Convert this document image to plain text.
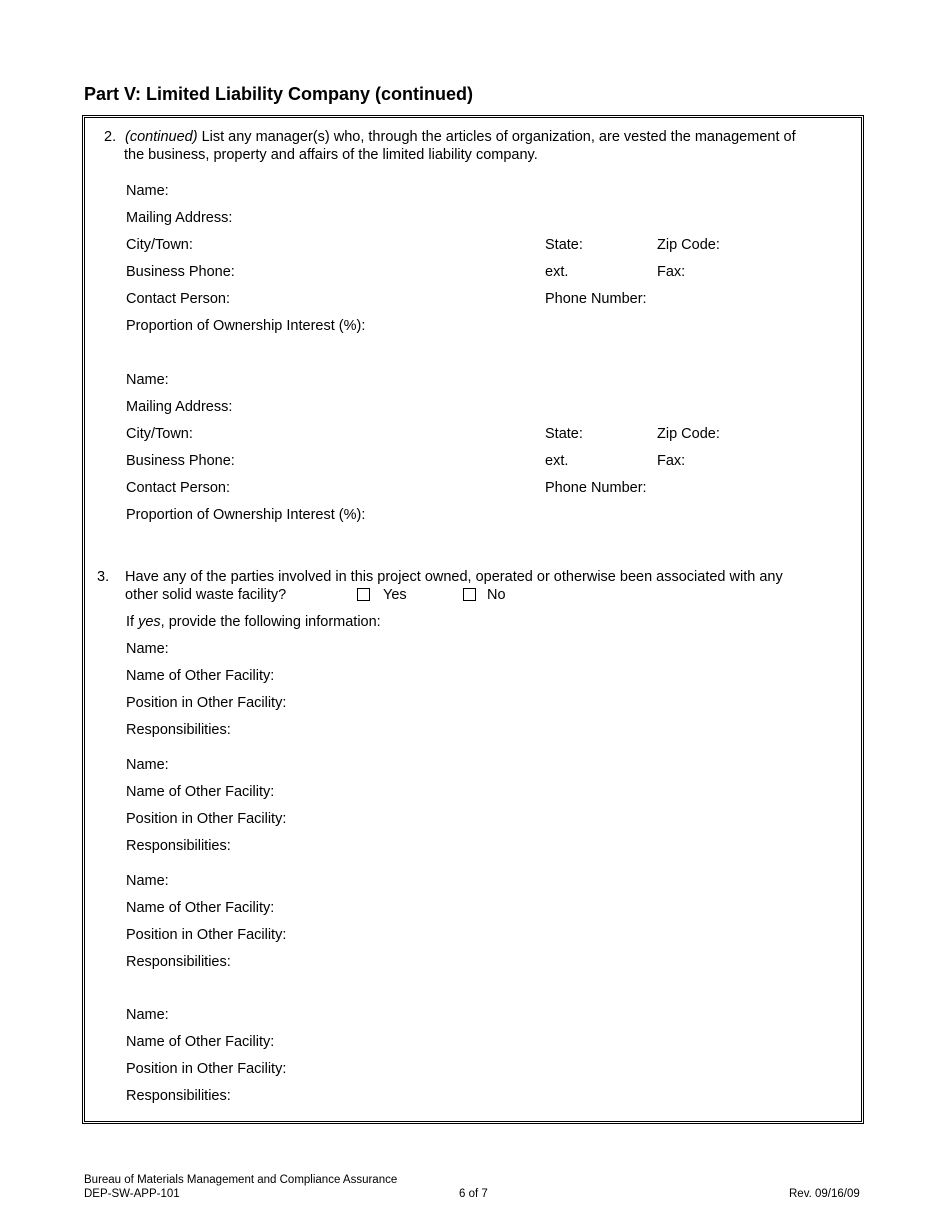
Part V: Limited Liability Company (continued)
2. (continued) List any manager(s) who, through the articles of organization, are vested the management of
the business, property and affairs of the limited liability company.
Name:
Mailing Address:
City/Town:	State:	Zip Code:
Business Phone:	ext.	Fax:
Contact Person:	Phone Number:
Proportion of Ownership Interest (%):
Name:
Mailing Address:
City/Town:	State:	Zip Code:
Business Phone:	ext.	Fax:
Contact Person:	Phone Number:
Proportion of Ownership Interest (%):
3. Have any of the parties involved in this project owned, operated or otherwise been associated with any
other solid waste facility?	Yes	No
If yes, provide the following information:
Name:
Name of Other Facility:
Position in Other Facility:
Responsibilities:
Name:
Name of Other Facility:
Position in Other Facility:
Responsibilities:
Name:
Name of Other Facility:
Position in Other Facility:
Responsibilities:
Name:
Name of Other Facility:
Position in Other Facility:
Responsibilities:
Bureau of Materials Management and Compliance Assurance
DEP-SW-APP-101	6 of 7	Rev. 09/16/09
